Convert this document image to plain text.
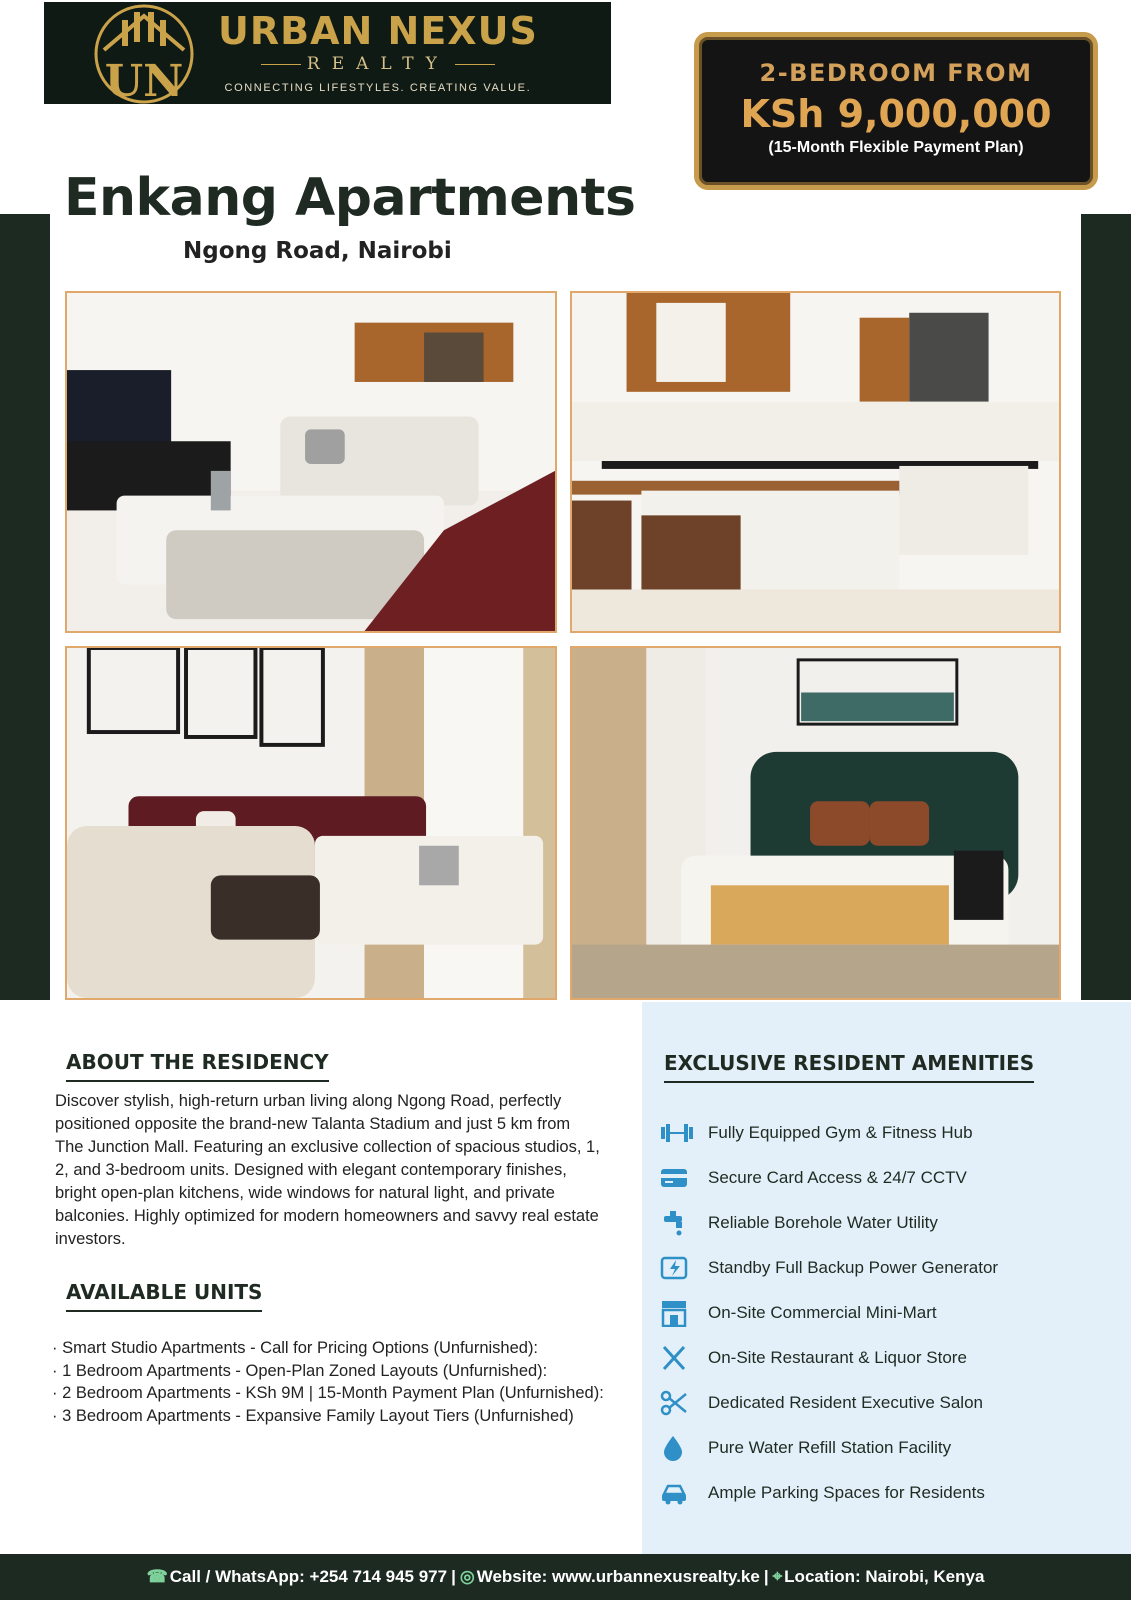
UN
URBAN NEXUS
REALTY
CONNECTING LIFESTYLES. CREATING VALUE.
2-BEDROOM FROM
KSh 9,000,000
(15-Month Flexible Payment Plan)
Enkang Apartments
Ngong Road, Nairobi
ABOUT THE RESIDENCY

Discover stylish, high-return urban living along Ngong Road, perfectly positioned opposite the brand-new Talanta Stadium and just 5 km from The Junction Mall. Featuring an exclusive collection of spacious studios, 1, 2, and 3-bedroom units. Designed with elegant contemporary finishes, bright open-plan kitchens, wide windows for natural light, and private balconies. Highly optimized for modern homeowners and savvy real estate investors.

AVAILABLE UNITS
· Smart Studio Apartments - Call for Pricing Options (Unfurnished):
· 1 Bedroom Apartments - Open-Plan Zoned Layouts (Unfurnished):
· 2 Bedroom Apartments - KSh 9M | 15-Month Payment Plan (Unfurnished):
· 3 Bedroom Apartments - Expansive Family Layout Tiers (Unfurnished)
EXCLUSIVE RESIDENT AMENITIES
Fully Equipped Gym & Fitness Hub
Secure Card Access & 24/7 CCTV
Reliable Borehole Water Utility
Standby Full Backup Power Generator
On-Site Commercial Mini-Mart
On-Site Restaurant & Liquor Store
Dedicated Resident Executive Salon
Pure Water Refill Station Facility
Ample Parking Spaces for Residents
☎ Call / WhatsApp: +254 714 945 977 | ◎ Website: www.urbannexusrealty.ke | ⌖ Location: Nairobi, Kenya
